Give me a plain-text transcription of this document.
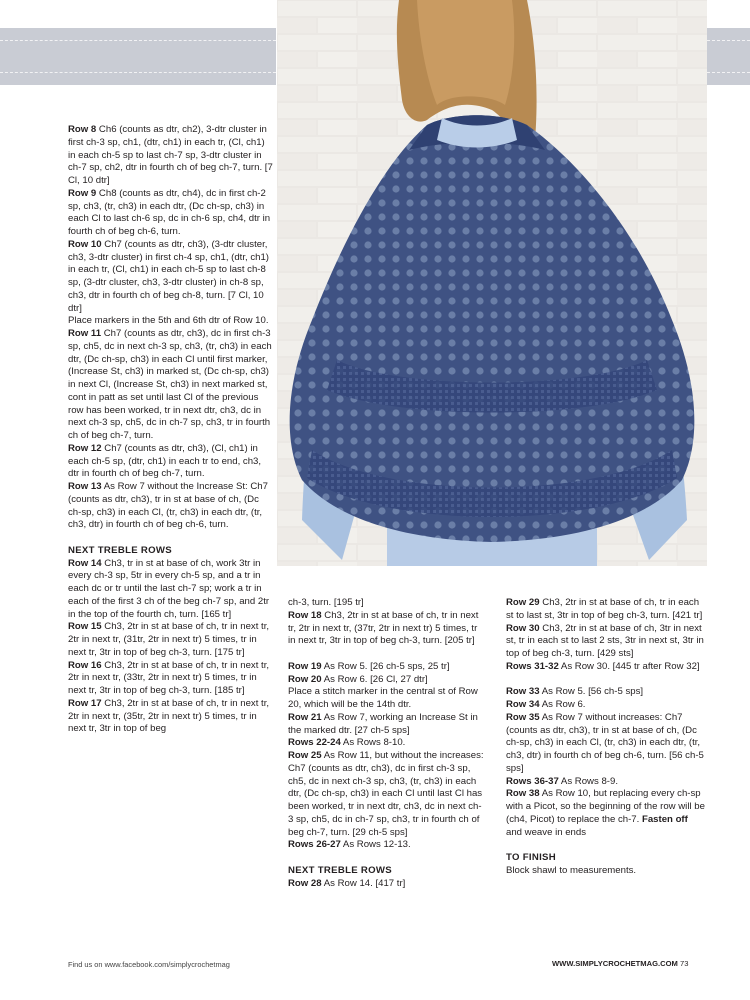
Row 8 Ch6 (counts as dtr, ch2), 3-dtr cluster in first ch-3 sp, ch1, (dtr, ch1) in each tr, (Cl, ch1) in each ch-5 sp to last ch-7 sp, 3-dtr cluster in ch-7 sp, ch2, dtr in fourth ch of beg ch-7, turn. [7 Cl, 10 dtr]

Row 9 Ch8 (counts as dtr, ch4), dc in first ch-2 sp, ch3, (tr, ch3) in each dtr, (Dc ch-sp, ch3) in each Cl to last ch-6 sp, dc in ch-6 sp, ch4, dtr in fourth ch of beg ch-6, turn.

Row 10 Ch7 (counts as dtr, ch3), (3-dtr cluster, ch3, 3-dtr cluster) in first ch-4 sp, ch1, (dtr, ch1) in each tr, (Cl, ch1) in each ch-5 sp to last ch-8 sp, (3-dtr cluster, ch3, 3-dtr cluster) in ch-8 sp, ch3, dtr in fourth ch of beg ch-8, turn. [7 Cl, 10 dtr]

Place markers in the 5th and 6th dtr of Row 10.

Row 11 Ch7 (counts as dtr, ch3), dc in first ch-3 sp, ch5, dc in next ch-3 sp, ch3, (tr, ch3) in each dtr, (Dc ch-sp, ch3) in each Cl until first marker, (Increase St, ch3) in marked st, (Dc ch-sp, ch3) in next Cl, (Increase St, ch3) in next marked st, cont in patt as set until last Cl of the previous row has been worked, tr in next dtr, ch3, dc in next ch-3 sp, ch5, dc in ch-7 sp, ch3, tr in fourth ch of beg ch-7, turn.

Row 12 Ch7 (counts as dtr, ch3), (Cl, ch1) in each ch-5 sp, (dtr, ch1) in each tr to end, ch3, dtr in fourth ch of beg ch-7, turn.

Row 13 As Row 7 without the Increase St: Ch7 (counts as dtr, ch3), tr in st at base of ch, (Dc ch-sp, ch3) in each Cl, (tr, ch3) in each dtr, (tr, ch3, dtr) in fourth ch of beg ch-6, turn.

NEXT TREBLE ROWS

Row 14 Ch3, tr in st at base of ch, work 3tr in every ch-3 sp, 5tr in every ch-5 sp, and a tr in each dc or tr until the last ch-7 sp; work a tr in each of the first 3 ch of the beg ch-7 sp, and 2tr in the top of the fourth ch, turn. [165 tr]

Row 15 Ch3, 2tr in st at base of ch, tr in next tr, 2tr in next tr, (31tr, 2tr in next tr) 5 times, tr in next tr, 3tr in top of beg ch-3, turn. [175 tr]

Row 16 Ch3, 2tr in st at base of ch, tr in next tr, 2tr in next tr, (33tr, 2tr in next tr) 5 times, tr in next tr, 3tr in top of beg ch-3, turn. [185 tr]

Row 17 Ch3, 2tr in st at base of ch, tr in next tr, 2tr in next tr, (35tr, 2tr in next tr) 5 times, tr in next tr, 3tr in top of beg

ch-3, turn. [195 tr]

Row 18 Ch3, 2tr in st at base of ch, tr in next tr, 2tr in next tr, (37tr, 2tr in next tr) 5 times, tr in next tr, 3tr in top of beg ch-3, turn. [205 tr]

Row 19 As Row 5. [26 ch-5 sps, 25 tr]

Row 20 As Row 6. [26 Cl, 27 dtr]

Place a stitch marker in the central st of Row 20, which will be the 14th dtr.

Row 21 As Row 7, working an Increase St in the marked dtr. [27 ch-5 sps]

Rows 22-24 As Rows 8-10.

Row 25 As Row 11, but without the increases: Ch7 (counts as dtr, ch3), dc in first ch-3 sp, ch5, dc in next ch-3 sp, ch3, (tr, ch3) in each dtr, (Dc ch-sp, ch3) in each Cl until last Cl has been worked, tr in next dtr, ch3, dc in next ch-3 sp, ch5, dc in ch-7 sp, ch3, tr in fourth ch of beg ch-7, turn. [29 ch-5 sps]

Rows 26-27 As Rows 12-13.

NEXT TREBLE ROWS

Row 28 As Row 14. [417 tr]

Row 29 Ch3, 2tr in st at base of ch, tr in each st to last st, 3tr in top of beg ch-3, turn. [421 tr]

Row 30 Ch3, 2tr in st at base of ch, 3tr in next st, tr in each st to last 2 sts, 3tr in next st, 3tr in top of beg ch-3, turn. [429 sts]

Rows 31-32 As Row 30. [445 tr after Row 32]

Row 33 As Row 5. [56 ch-5 sps]

Row 34 As Row 6.

Row 35 As Row 7 without increases: Ch7 (counts as dtr, ch3), tr in st at base of ch, (Dc ch-sp, ch3) in each Cl, (tr, ch3) in each dtr, (tr, ch3, dtr) in fourth ch of beg ch-6, turn. [56 ch-5 sps]

Rows 36-37 As Rows 8-9.

Row 38 As Row 10, but replacing every ch-sp with a Picot, so the beginning of the row will be (ch4, Picot) to replace the ch-7. Fasten off and weave in ends

TO FINISH

Block shawl to measurements.

Find us on www.facebook.com/simplycrochetmag	WWW.SIMPLYCROCHETMAG.COM 73
